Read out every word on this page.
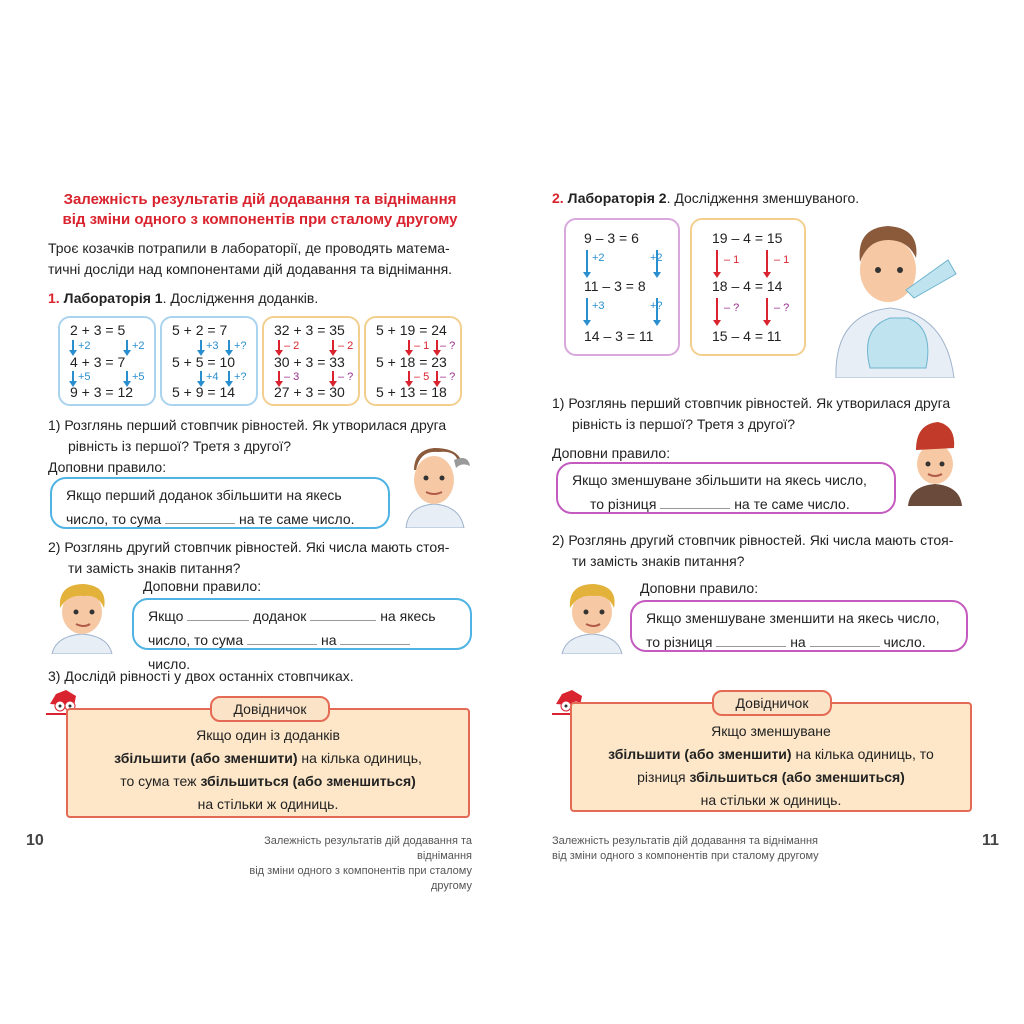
Залежність результатів дій додавання та віднімання
від зміни одного з компонентів при сталому другому
Троє козачків потрапили в лабораторії, де проводять матема-
тичні досліди над компонентами дій додавання та віднімання.
1. Лабораторія 1. Дослідження доданків.
2 + 3 = 5
+2	+2
4 + 3 = 7
+5	+5
9 + 3 = 12
5 + 2 = 7
+3 +?
5 + 5 = 10
+4 +?
5 + 9 = 14
32 + 3 = 35
– 2	– 2
30 + 3 = 33
– 3	– ?
27 + 3 = 30
5 + 19 = 24
– 1 – ?
5 + 18 = 23
– 5 – ?
5 + 13 = 18
1) Розглянь перший стовпчик рівностей. Як утворилася друга
рівність із першої? Третя з другої?
Доповни правило:
Якщо перший доданок збільшити на якесь
число, то сума	на те саме число.
2) Розглянь другий стовпчик рівностей. Які числа мають стоя-
ти замість знаків питання?
Доповни правило:
Якщо	доданок	на якесь
число, то сума	на  число.
3) Дослідӣ рівності у двох останніх стовпчиках.
Якщо один із доданків
збільшити (або зменшити) на кілька одиниць,
то сума теж збільшиться (або зменшиться)
на стільки ж одиниць.
Довідничок
10	Залежність результатів дій додавання та віднімання
від зміни одного з компонентів при сталому другому
2. Лабораторія 2. Дослідження зменшуваного.
9 – 3 = 6
+2	+2
11 – 3 = 8
+3	+?
14 – 3 = 11
19 – 4 = 15
– 1	– 1
18 – 4 = 14
– ?	– ?
15 – 4 = 11
1) Розглянь перший стовпчик рівностей. Як утворилася друга
рівність із першої? Третя з другої?
Доповни правило:
Якщо зменшуване збільшити на якесь число,
то різниця	на те саме число.
2) Розглянь другий стовпчик рівностей. Які числа мають стоя-
ти замість знаків питання?
Доповни правило:
Якщо зменшуване зменшити на якесь число,
то різниця	на	число.
Якщо зменшуване
збільшити (або зменшити) на кілька одиниць, то
різниця збільшиться (або зменшиться)
на стільки ж одиниць.
Довідничок
11
Залежність результатів дій додавання та віднімання
від зміни одного з компонентів при сталому другому
